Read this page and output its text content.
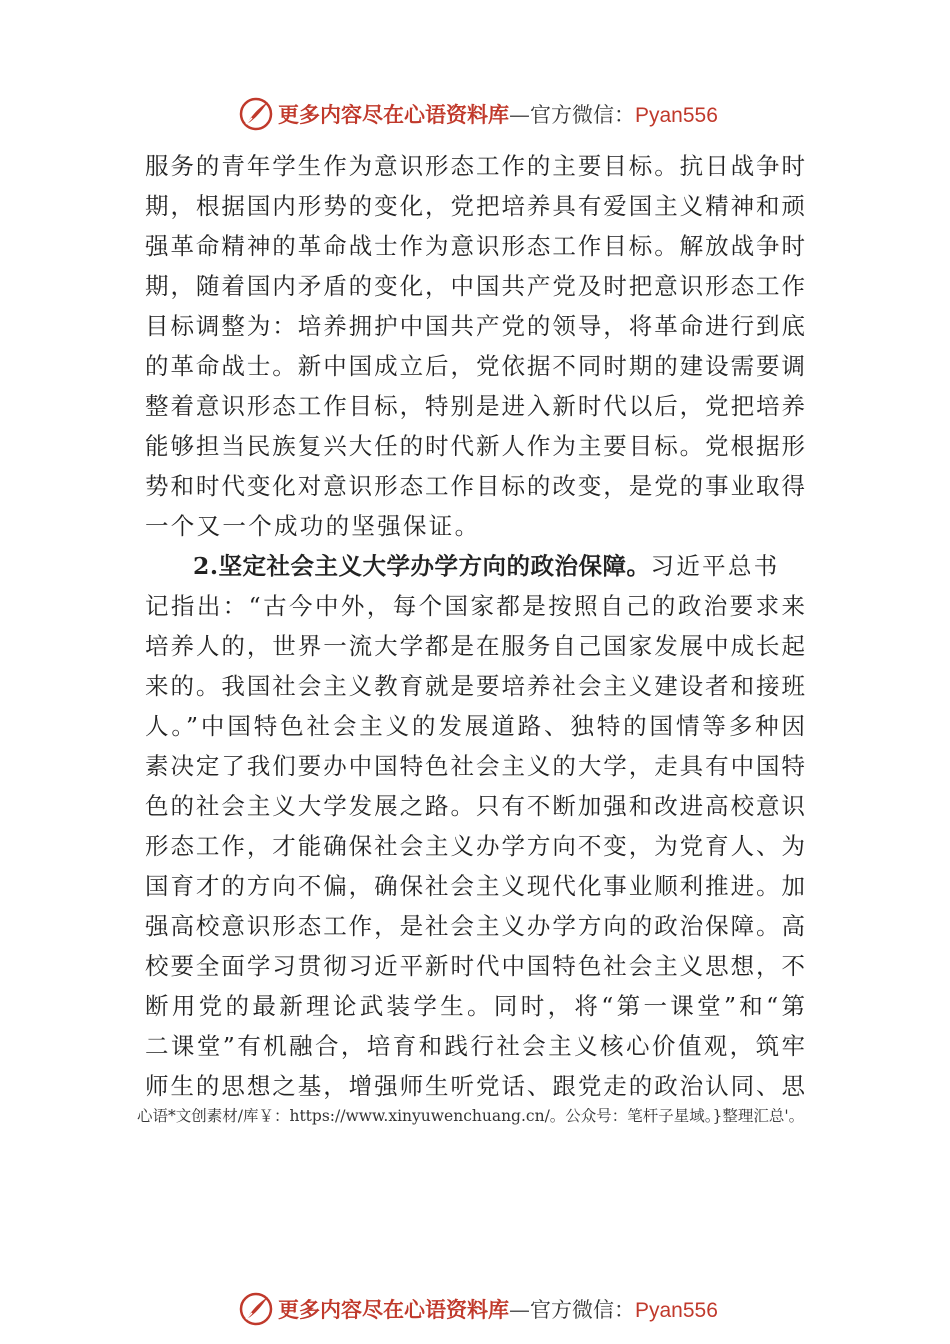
更多内容尽在心语资料库—官方微信：Pyan556
服务的青年学生作为意识形态工作的主要目标。抗日战争时
期，根据国内形势的变化，党把培养具有爱国主义精神和顽
强革命精神的革命战士作为意识形态工作目标。解放战争时
期，随着国内矛盾的变化，中国共产党及时把意识形态工作
目标调整为：培养拥护中国共产党的领导，将革命进行到底
的革命战士。新中国成立后，党依据不同时期的建设需要调
整着意识形态工作目标，特别是进入新时代以后，党把培养
能够担当民族复兴大任的时代新人作为主要目标。党根据形
势和时代变化对意识形态工作目标的改变，是党的事业取得
一个又一个成功的坚强保证。
2.坚定社会主义大学办学方向的政治保障。习近平总书
记指出：“古今中外，每个国家都是按照自己的政治要求来
培养人的，世界一流大学都是在服务自己国家发展中成长起
来的。我国社会主义教育就是要培养社会主义建设者和接班
人。”中国特色社会主义的发展道路、独特的国情等多种因
素决定了我们要办中国特色社会主义的大学，走具有中国特
色的社会主义大学发展之路。只有不断加强和改进高校意识
形态工作，才能确保社会主义办学方向不变，为党育人、为
国育才的方向不偏，确保社会主义现代化事业顺利推进。加
强高校意识形态工作，是社会主义办学方向的政治保障。高
校要全面学习贯彻习近平新时代中国特色社会主义思想，不
断用党的最新理论武装学生。同时，将“第一课堂”和“第
二课堂”有机融合，培育和践行社会主义核心价值观，筑牢
师生的思想之基，增强师生听党话、跟党走的政治认同、思
心语*文创素材/库￥：https://www.xinyuwenchuang.cn/。公众号：笔杆子星域。}整理汇总'。
更多内容尽在心语资料库—官方微信：Pyan556
